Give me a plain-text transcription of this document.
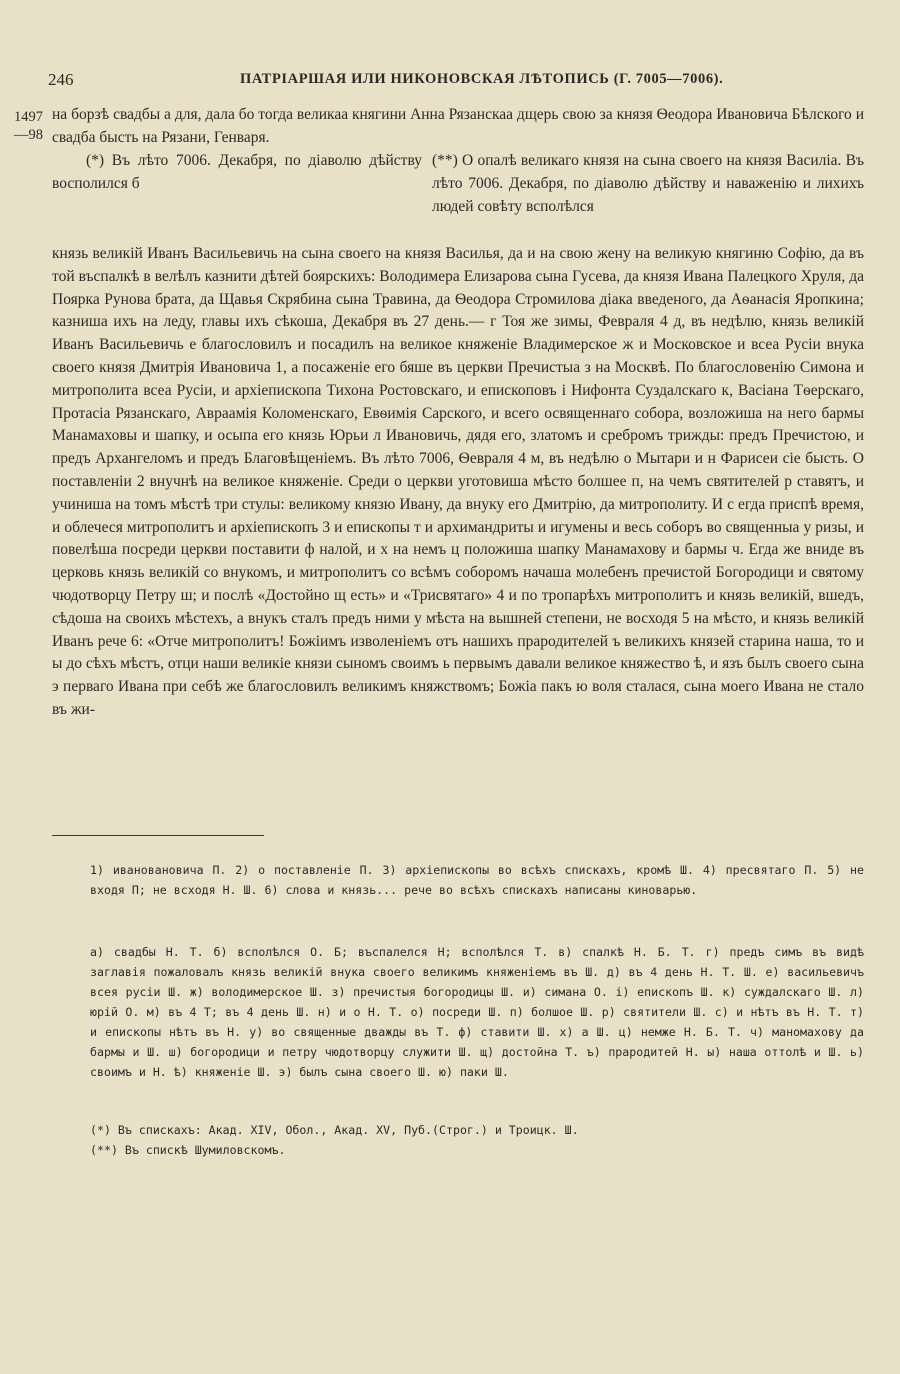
246	ПАТРІАРШАЯ ИЛИ НИКОНОВСКАЯ ЛѢТОПИСЬ (Г. 7005—7006).
1497 —98
на борзѣ свадбы а для, дала бо тогда великаа княгини Анна Рязанскаа дщерь свою за князя Ѳеодора Ивановича Бѣлского и свадба бысть на Рязани, Генваря.
(*) Въ лѣто 7006. Декабря, по діаволю дѣйству восполился б
(**) О опалѣ великаго князя на сына своего на князя Василіа. Въ лѣто 7006. Декабря, по діаволю дѣйству и наваженію и лихихъ людей совѣту всполѣлся
князь великій Иванъ Васильевичь на сына своего на князя Василья, да и на свою жену на великую княгиню Софію, да въ той въспалкѣ в велѣлъ казнити дѣтей боярскихъ: Володимера Елизарова сына Гусева, да князя Ивана Палецкого Хруля, да Поярка Рунова брата, да Щавья Скрябина сына Травина, да Ѳеодора Стромилова діака введеного, да Аѳанасія Яропкина; казниша ихъ на леду, главы ихъ сѣкоша, Декабря въ 27 день.— г Тоя же зимы, Февраля 4 д, въ недѣлю, князь великій Иванъ Васильевичь е благословилъ и посадилъ на великое княженіе Владимерское ж и Московское и всеа Русіи внука своего князя Дмитрія Ивановича 1, а посаженіе его бяше въ церкви Пречистыа з на Москвѣ. По благословенію Симона и митрополита всеа Русіи, и архіепископа Тихона Ростовскаго, и епископовъ і Нифонта Суздалскаго к, Васіана Тѳерскаго, Протасіа Рязанскаго, Авраамія Коломенскаго, Евѳимія Сарского, и всего освященнаго собора, возложиша на него бармы Манамаховы и шапку, и осыпа его князь Юрьи л Ивановичь, дядя его, златомъ и сребромъ трижды: предъ Пречистою, и предъ Архангеломъ и предъ Благовѣщеніемъ. Въ лѣто 7006, Ѳевраля 4 м, въ недѣлю о Мытари и н Фарисеи сіе бысть. О поставленіи 2 внучнѣ на великое княженіе. Среди о церкви уготовиша мѣсто болшее п, на чемъ святителей р ставятъ, и учиниша на томъ мѣстѣ три стулы: великому князю Ивану, да внуку его Дмитрію, да митрополиту. И с егда приспѣ время, и облечеся митрополитъ и архіепископъ 3 и епископы т и архимандриты и игумены и весь соборъ во священныа у ризы, и повелѣша посреди церкви поставити ф налой, и х на немъ ц положиша шапку Манамахову и бармы ч. Егда же вниде въ церковь князь великій со внукомъ, и митрополитъ со всѣмъ соборомъ начаша молебенъ пречистой Богородици и святому чюдотворцу Петру ш; и послѣ «Достойно щ есть» и «Трисвятаго» 4 и по тропарѣхъ митрополитъ и князь великій, вшедъ, сѣдоша на своихъ мѣстехъ, а внукъ сталъ предъ ними у мѣста на вышней степени, не восходя 5 на мѣсто, и князь великій Иванъ рече 6: «Отче митрополитъ! Божіимъ изволеніемъ отъ нашихъ прародителей ъ великихъ князей старина наша, то и ы до сѣхъ мѣстъ, отци наши великіе князи сыномъ своимъ ь первымъ давали великое княжество ѣ, и язъ былъ своего сына э перваго Ивана при себѣ же благословилъ великимъ княжствомъ; Божіа пакъ ю воля сталася, сына моего Ивана не стало въ жи-
1) ивановановича П. 2) о поставленіе П. 3) архіепископы во всѣхъ спискахъ, кромѣ Ш. 4) пресвятаго П. 5) не входя П; не всходя Н. Ш. 6) слова и князь... рече во всѣхъ спискахъ написаны киноварью.
а) свадбы Н. Т. б) всполѣлся О. Б; въспалелся Н; всполѣлся Т. в) спалкѣ Н. Б. Т. г) предъ симъ въ видѣ заглавія пожаловалъ князь великій внука своего великимъ княженіемъ въ Ш. д) въ 4 день Н. Т. Ш. е) васильевичъ всея русіи Ш. ж) володимерское Ш. з) пречистыя богородицы Ш. и) симана О. і) епископъ Ш. к) суждалскаго Ш. л) юрій О. м) въ 4 Т; въ 4 день Ш. н) и о Н. Т. о) посреди Ш. п) болшое Ш. р) святители Ш. с) и нѣтъ въ Н. Т. т) и епископы нѣтъ въ Н. у) во священные дважды въ Т. ф) ставити Ш. х) а Ш. ц) немже Н. Б. Т. ч) маномахову да бармы и Ш. ш) богородици и петру чюдотворцу служити Ш. щ) достойна Т. ъ) прародитей Н. ы) наша оттолѣ и Ш. ь) своимъ и Н. ѣ) княженіе Ш. э) былъ сына своего Ш. ю) паки Ш.
(*) Въ спискахъ: Акад. XIV, Обол., Акад. XV, Пуб.(Строг.) и Троицк. Ш.
(**) Въ спискѣ Шумиловскомъ.
